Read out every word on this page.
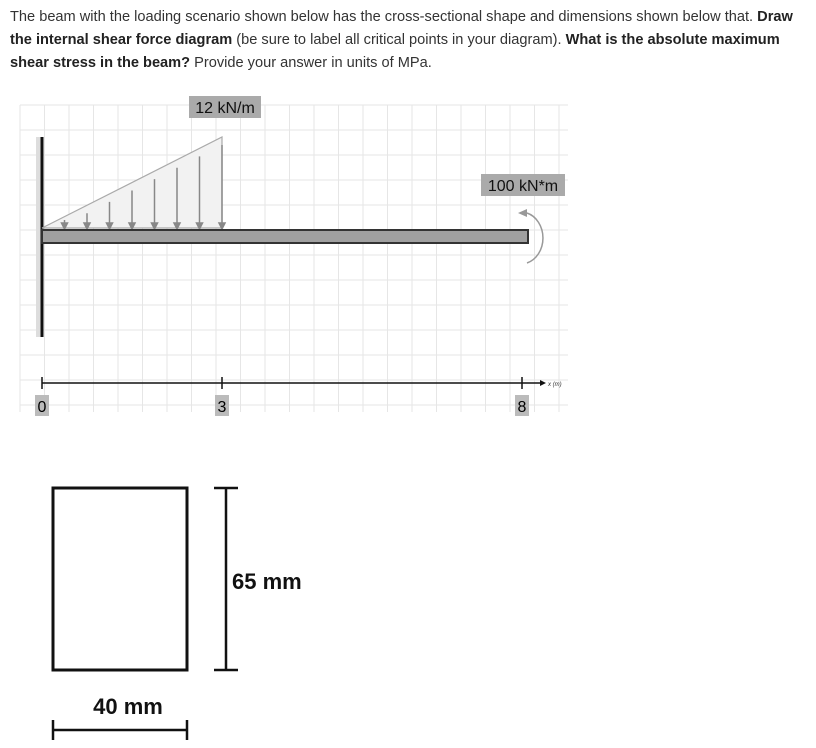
The beam with the loading scenario shown below has the cross-sectional shape and dimensions shown below that. Draw the internal shear force diagram (be sure to label all critical points in your diagram). What is the absolute maximum shear stress in the beam? Provide your answer in units of MPa.
12 kN/m
100 kN*m
x (m)
0	3	8
65 mm
40 mm
